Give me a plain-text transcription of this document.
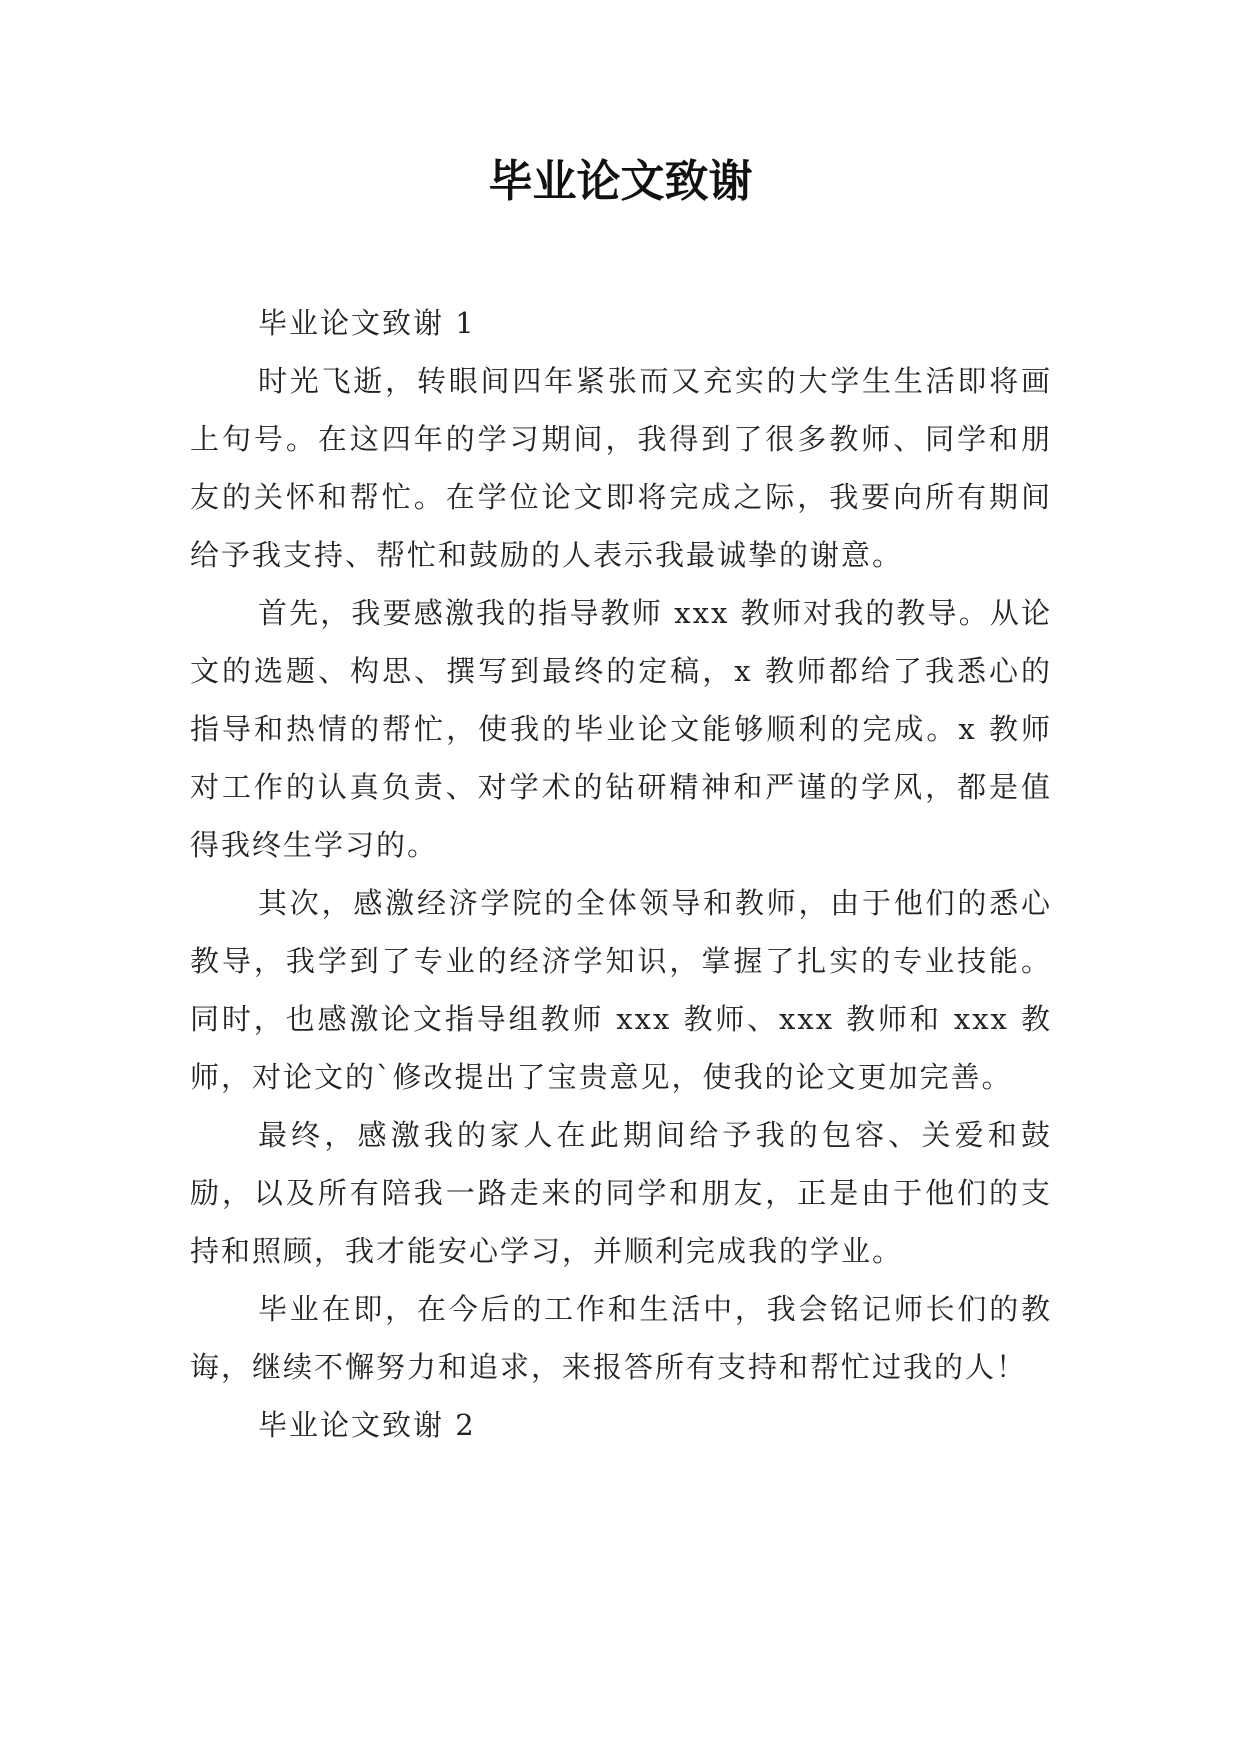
毕业论文致谢

毕业论文致谢 1

时光飞逝，转眼间四年紧张而又充实的大学生生活即将画上句号。在这四年的学习期间，我得到了很多教师、同学和朋友的关怀和帮忙。在学位论文即将完成之际，我要向所有期间给予我支持、帮忙和鼓励的人表示我最诚挚的谢意。

首先，我要感激我的指导教师 xxx 教师对我的教导。从论文的选题、构思、撰写到最终的定稿，x 教师都给了我悉心的指导和热情的帮忙，使我的毕业论文能够顺利的完成。x 教师对工作的认真负责、对学术的钻研精神和严谨的学风，都是值得我终生学习的。

其次，感激经济学院的全体领导和教师，由于他们的悉心教导，我学到了专业的经济学知识，掌握了扎实的专业技能。同时，也感激论文指导组教师 xxx 教师、xxx 教师和 xxx 教师，对论文的`修改提出了宝贵意见，使我的论文更加完善。

最终，感激我的家人在此期间给予我的包容、关爱和鼓励，以及所有陪我一路走来的同学和朋友，正是由于他们的支持和照顾，我才能安心学习，并顺利完成我的学业。

毕业在即，在今后的工作和生活中，我会铭记师长们的教诲，继续不懈努力和追求，来报答所有支持和帮忙过我的人！

毕业论文致谢 2
